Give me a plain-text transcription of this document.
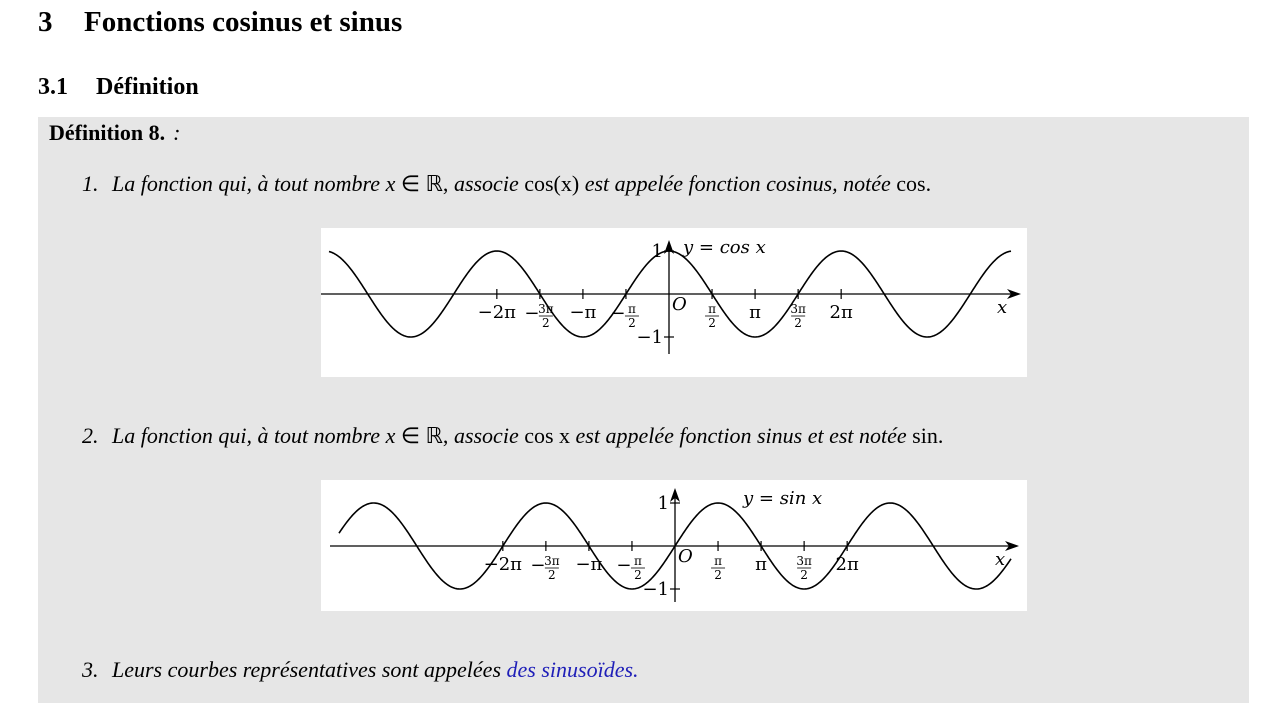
3 Fonctions cosinus et sinus
3.1 Définition
Définition 8. :
1. La fonction qui, à tout nombre x ∈ ℝ, associe cos(x) est appelée fonction cosinus, notée cos.
2. La fonction qui, à tout nombre x ∈ ℝ, associe cos x est appelée fonction sinus et est notée sin.
3. Leurs courbes représentatives sont appelées des sinusoïdes.
−2π −
3π
2 −π − π
2
π
2 π 3π
2 2π
1
−1
O	x
y = cos x
−2π −
3π
2 −π − π
2
π
2 π 3π
2 2π
1
−1
O	x
y = sin x
